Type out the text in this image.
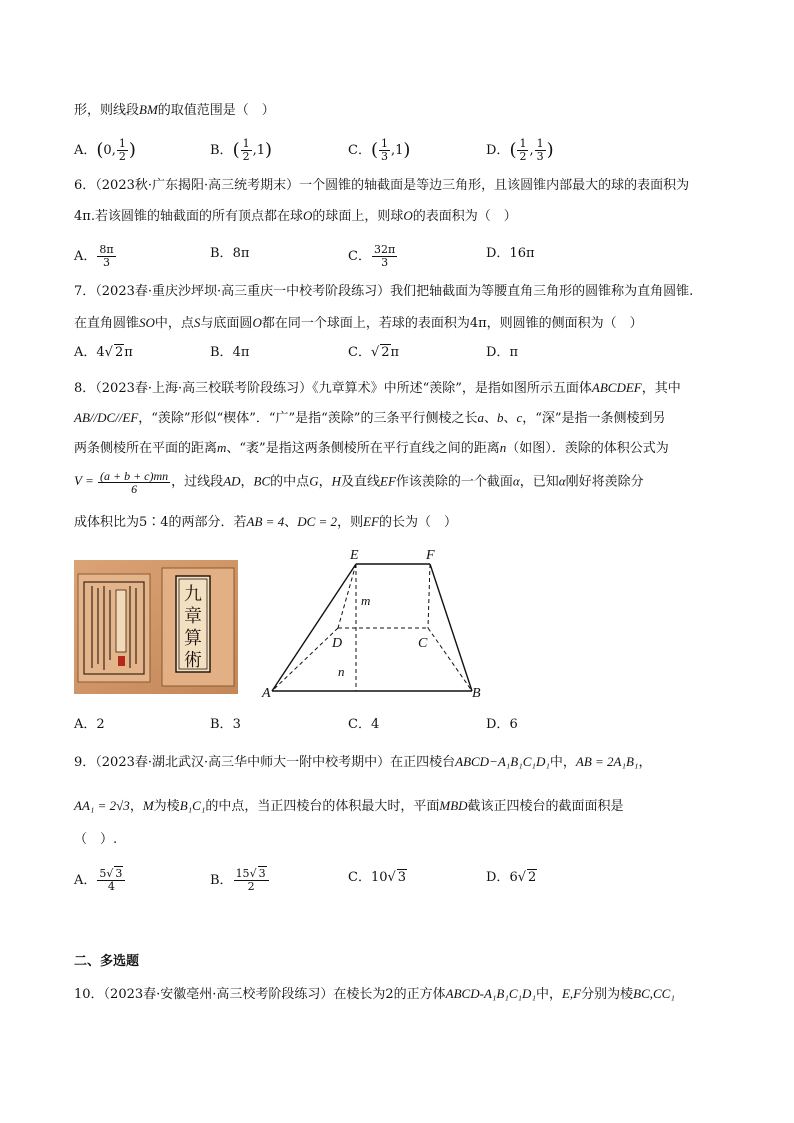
形，则线段BM的取值范围是（　）
A．(0, $\frac{1}{2}$ )	B．( $\frac{1}{2} ,1$)	C．( $\frac{1}{3} ,1$)	D．( $\frac{1}{2}$ , $\frac{1}{3}$ )
6．（2023秋·广东揭阳·高三统考期末）一个圆锥的轴截面是等边三角形，且该圆锥内部最大的球的表面积为
4π.若该圆锥的轴截面的所有顶点都在球O的球面上，则球O的表面积为（　）
A． $\frac{8\pi}{3}$	B．8π	C． $\frac{32\pi}{3}$	D．16π
7．（2023春·重庆沙坪坝·高三重庆一中校考阶段练习）我们把轴截面为等腰直角三角形的圆锥称为直角圆锥.
在直角圆锥SO中，点S与底面圆O都在同一个球面上，若球的表面积为4π，则圆锥的侧面积为（　）
A．4√ 2π	B．4π	C．√ 2π	D．π
8．（2023春·上海·高三校联考阶段练习）《九章算术》中所述“羡除”，是指如图所示五面体ABCDEF，其中
AB//DC//EF，“羡除”形似“楔体”．“广”是指“羡除”的三条平行侧棱之长a、b、c，“深”是指一条侧棱到另
两条侧棱所在平面的距离m、“袤”是指这两条侧棱所在平行直线之间的距离n（如图）．羡除的体积公式为
$V = \frac{(a + b + c)mn}{6}$ ，过线段AD，BC的中点G，H及直线EF作该羡除的一个截面α，已知α刚好将羡除分
成体积比为5∶4的两部分．若AB = 4、DC = 2，则EF的长为（　）
九
章
算
術
E	F
D	C
A	B
m
n
A．2	B．3	C．4	D．6
9．（2023春·湖北武汉·高三华中师大一附中校考期中）在正四棱台ABCD−A₁B₁C₁D₁中，AB = 2A₁B₁，
AA₁ = 2√3，M为棱B₁C₁的中点，当正四棱台的体积最大时，平面MBD截该正四棱台的截面面积是
（　）.
A． $\frac{5√ 3}{4}$	B． $\frac{15√ 3}{2}$	C．10√ 3	D．6√ 2
二、多选题
10．（2023春·安徽亳州·高三校考阶段练习）在棱长为2的正方体ABCD-A₁B₁C₁D₁中，E,F分别为棱BC,CC₁
